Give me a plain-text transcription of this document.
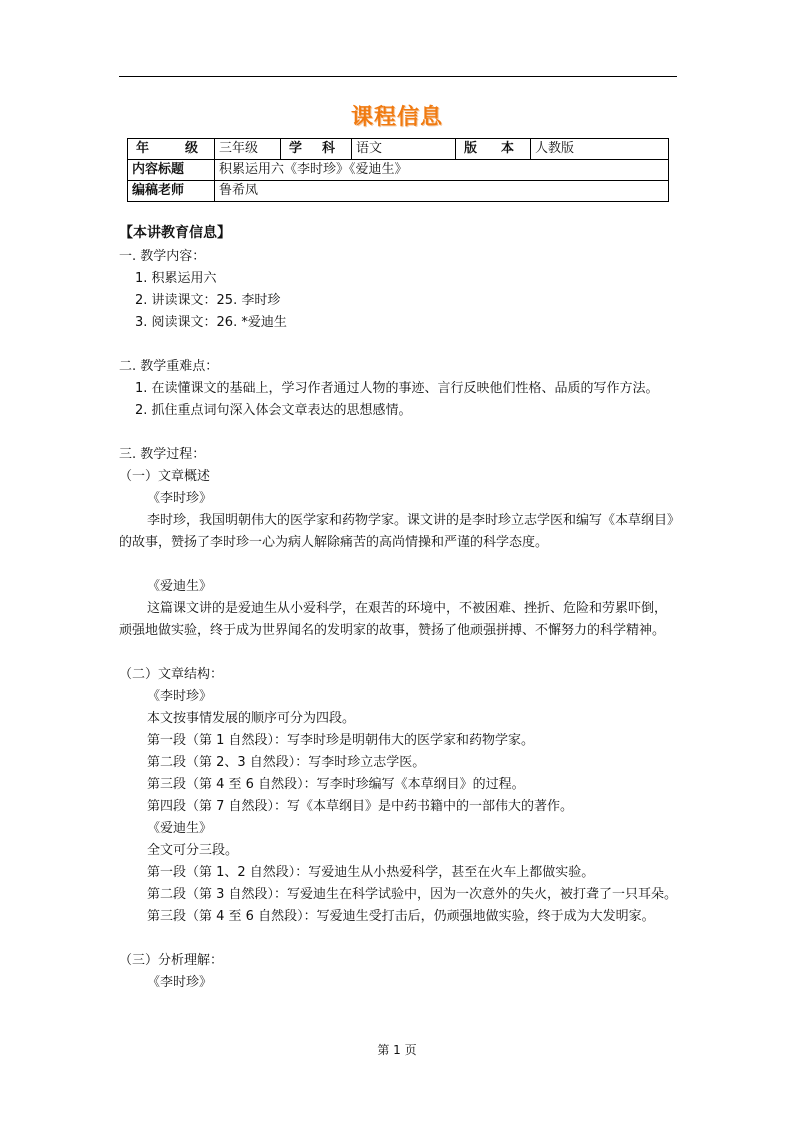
课程信息
年 级	三年级	学 科	语文	版 本	人教版
内容标题	积累运用六《李时珍》《爱迪生》				
编稿老师	鲁希凤				

【本讲教育信息】

一. 教学内容：

1. 积累运用六

2. 讲读课文：25. 李时珍

3. 阅读课文：26. *爱迪生

二. 教学重难点：

1. 在读懂课文的基础上，学习作者通过人物的事迹、言行反映他们性格、品质的写作方法。

2. 抓住重点词句深入体会文章表达的思想感情。

三. 教学过程：

（一）文章概述

《李时珍》

李时珍，我国明朝伟大的医学家和药物学家。课文讲的是李时珍立志学医和编写《本草纲目》的故事，赞扬了李时珍一心为病人解除痛苦的高尚情操和严谨的科学态度。

《爱迪生》

这篇课文讲的是爱迪生从小爱科学，在艰苦的环境中，不被困难、挫折、危险和劳累吓倒，顽强地做实验，终于成为世界闻名的发明家的故事，赞扬了他顽强拼搏、不懈努力的科学精神。

（二）文章结构：

《李时珍》

本文按事情发展的顺序可分为四段。

第一段（第 1 自然段）：写李时珍是明朝伟大的医学家和药物学家。

第二段（第 2、3 自然段）：写李时珍立志学医。

第三段（第 4 至 6 自然段）：写李时珍编写《本草纲目》的过程。

第四段（第 7 自然段）：写《本草纲目》是中药书籍中的一部伟大的著作。

《爱迪生》

全文可分三段。

第一段（第 1、2 自然段）：写爱迪生从小热爱科学，甚至在火车上都做实验。

第二段（第 3 自然段）：写爱迪生在科学试验中，因为一次意外的失火，被打聋了一只耳朵。

第三段（第 4 至 6 自然段）：写爱迪生受打击后，仍顽强地做实验，终于成为大发明家。

（三）分析理解：

《李时珍》

第 1 页
